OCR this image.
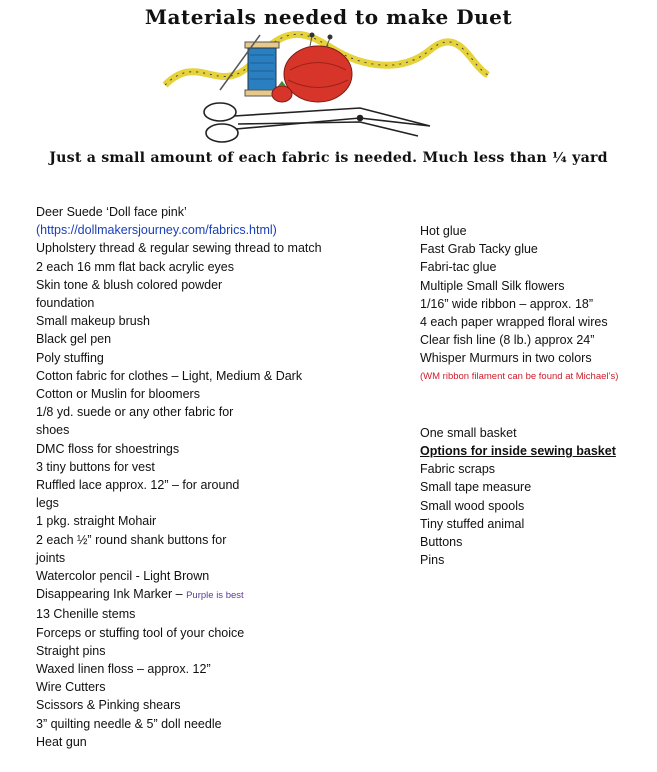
Materials needed to make Duet
Just a small amount of each fabric is needed. Much less than ¼ yard
Deer Suede ‘Doll face pink’
(https://dollmakersjourney.com/fabrics.html)
Upholstery thread & regular sewing thread to match
2 each 16 mm flat back acrylic eyes
Skin tone & blush colored powder
foundation
Small makeup brush
Black gel pen
Poly stuffing
Cotton fabric for clothes – Light, Medium & Dark
Cotton or Muslin for bloomers
1/8 yd. suede or any other fabric for
shoes
DMC floss for shoestrings
3 tiny buttons for vest
Ruffled lace approx. 12” – for around
legs
1 pkg. straight Mohair
2 each ½” round shank buttons for
joints
Watercolor pencil - Light Brown
Disappearing Ink Marker – Purple is best
13 Chenille stems
Forceps or stuffing tool of your choice
Straight pins
Waxed linen floss – approx. 12”
Wire Cutters
Scissors & Pinking shears
3” quilting needle & 5” doll needle
Heat gun
Hot glue
Fast Grab Tacky glue
Fabri-tac glue
Multiple Small Silk flowers
1/16” wide ribbon – approx. 18”
4 each paper wrapped floral wires
Clear fish line (8 lb.) approx 24”
Whisper Murmurs in two colors
(WM ribbon filament can be found at Michael’s)
One small basket
Options for inside sewing basket
Fabric scraps
Small tape measure
Small wood spools
Tiny stuffed animal
Buttons
Pins
